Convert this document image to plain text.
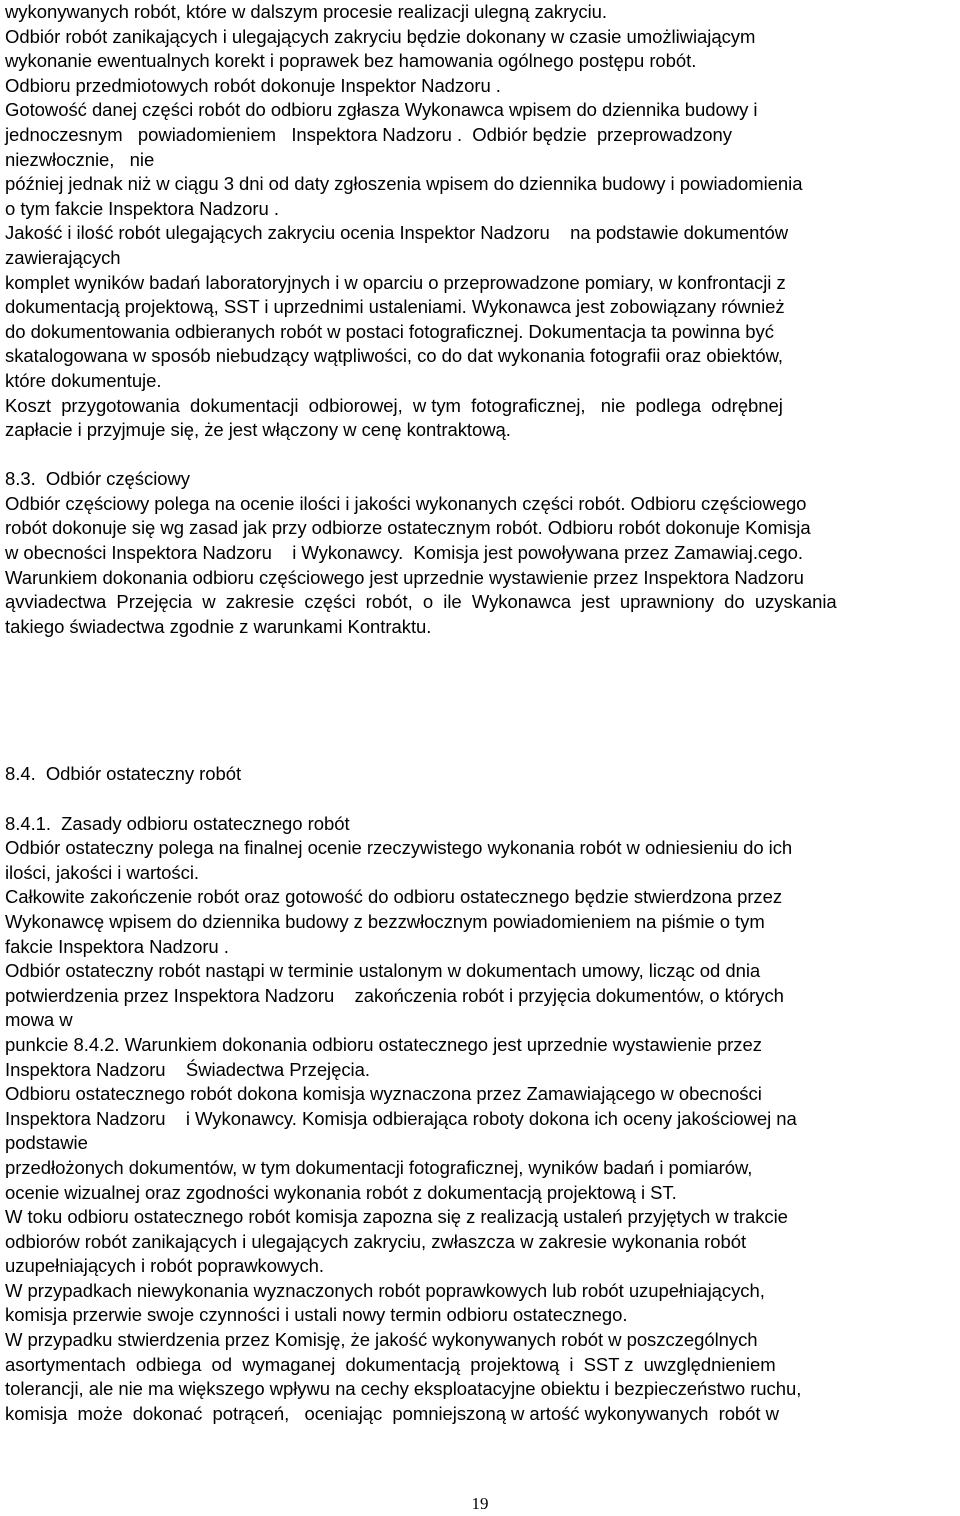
wykonywanych robót, które w dalszym procesie realizacji ulegną zakryciu.
Odbiór robót zanikających i ulegających zakryciu będzie dokonany w czasie umożliwiającym
wykonanie ewentualnych korekt i poprawek bez hamowania ogólnego postępu robót.
Odbioru przedmiotowych robót dokonuje Inspektor Nadzoru .
Gotowość danej części robót do odbioru zgłasza Wykonawca wpisem do dziennika budowy i
jednoczesnym   powiadomieniem   Inspektora Nadzoru .  Odbiór będzie  przeprowadzony
niezwłocznie,   nie
później jednak niż w ciągu 3 dni od daty zgłoszenia wpisem do dziennika budowy i powiadomienia
o tym fakcie Inspektora Nadzoru .
Jakość i ilość robót ulegających zakryciu ocenia Inspektor Nadzoru    na podstawie dokumentów
zawierających
komplet wyników badań laboratoryjnych i w oparciu o przeprowadzone pomiary, w konfrontacji z
dokumentacją projektową, SST i uprzednimi ustaleniami. Wykonawca jest zobowiązany również
do dokumentowania odbieranych robót w postaci fotograficznej. Dokumentacja ta powinna być
skatalogowana w sposób niebudzący wątpliwości, co do dat wykonania fotografii oraz obiektów,
które dokumentuje.
Koszt  przygotowania  dokumentacji  odbiorowej,  w tym  fotograficznej,   nie  podlega  odrębnej
zapłacie i przyjmuje się, że jest włączony w cenę kontraktową.
8.3.  Odbiór częściowy
Odbiór częściowy polega na ocenie ilości i jakości wykonanych części robót. Odbioru częściowego
robót dokonuje się wg zasad jak przy odbiorze ostatecznym robót. Odbioru robót dokonuje Komisja
w obecności Inspektora Nadzoru    i Wykonawcy.  Komisja jest powoływana przez Zamawiaj.cego.
Warunkiem dokonania odbioru częściowego jest uprzednie wystawienie przez Inspektora Nadzoru
ąvviadectwa  Przejęcia  w  zakresie  części  robót,  o  ile  Wykonawca  jest  uprawniony  do  uzyskania
takiego świadectwa zgodnie z warunkami Kontraktu.
8.4.  Odbiór ostateczny robót
8.4.1.  Zasady odbioru ostatecznego robót
Odbiór ostateczny polega na finalnej ocenie rzeczywistego wykonania robót w odniesieniu do ich
ilości, jakości i wartości.
Całkowite zakończenie robót oraz gotowość do odbioru ostatecznego będzie stwierdzona przez
Wykonawcę wpisem do dziennika budowy z bezzwłocznym powiadomieniem na piśmie o tym
fakcie Inspektora Nadzoru .
Odbiór ostateczny robót nastąpi w terminie ustalonym w dokumentach umowy, licząc od dnia
potwierdzenia przez Inspektora Nadzoru    zakończenia robót i przyjęcia dokumentów, o których
mowa w
punkcie 8.4.2. Warunkiem dokonania odbioru ostatecznego jest uprzednie wystawienie przez
Inspektora Nadzoru    Świadectwa Przejęcia.
Odbioru ostatecznego robót dokona komisja wyznaczona przez Zamawiającego w obecności
Inspektora Nadzoru    i Wykonawcy. Komisja odbierająca roboty dokona ich oceny jakościowej na
podstawie
przedłożonych dokumentów, w tym dokumentacji fotograficznej, wyników badań i pomiarów,
ocenie wizualnej oraz zgodności wykonania robót z dokumentacją projektową i ST.
W toku odbioru ostatecznego robót komisja zapozna się z realizacją ustaleń przyjętych w trakcie
odbiorów robót zanikających i ulegających zakryciu, zwłaszcza w zakresie wykonania robót
uzupełniających i robót poprawkowych.
W przypadkach niewykonania wyznaczonych robót poprawkowych lub robót uzupełniających,
komisja przerwie swoje czynności i ustali nowy termin odbioru ostatecznego.
W przypadku stwierdzenia przez Komisję, że jakość wykonywanych robót w poszczególnych
asortymentach  odbiega  od  wymaganej  dokumentacją  projektową  i  SST z  uwzględnieniem
tolerancji, ale nie ma większego wpływu na cechy eksploatacyjne obiektu i bezpieczeństwo ruchu,
komisja  może  dokonać  potrąceń,   oceniając  pomniejszoną w artość wykonywanych  robót w
19
